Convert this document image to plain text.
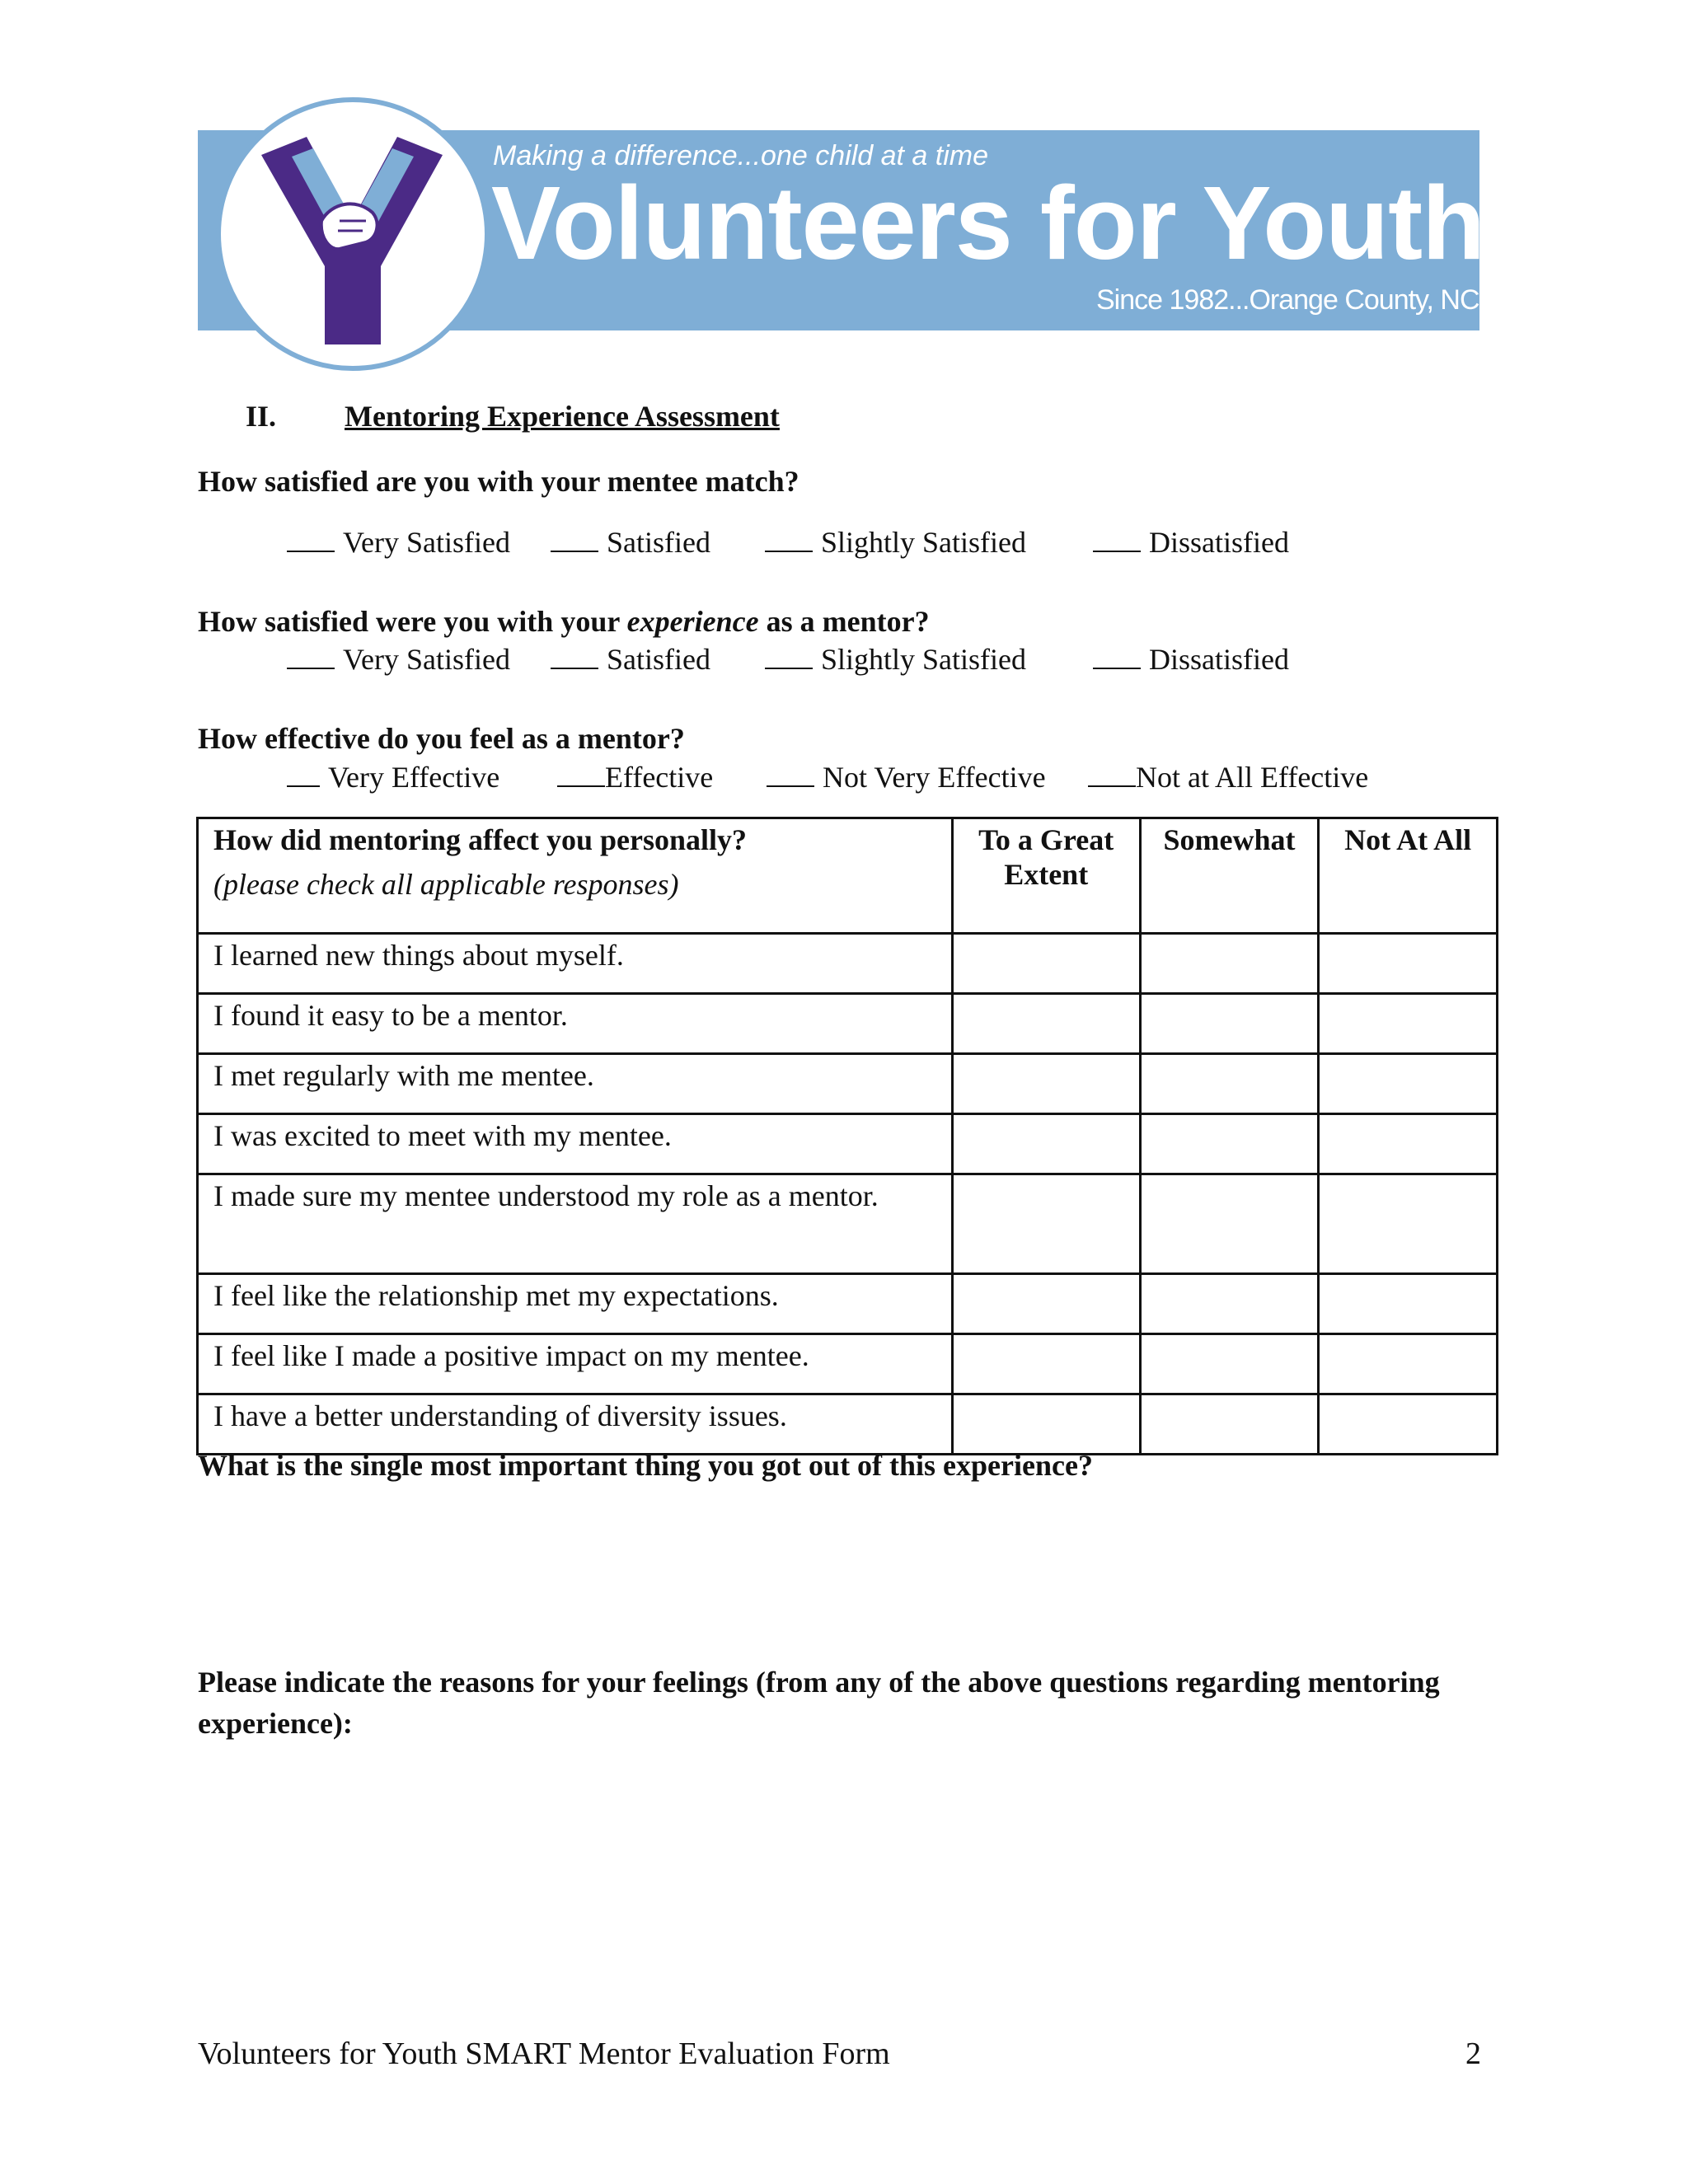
Making a difference...one child at a time
Volunteers for Youth
Since 1982...Orange County, NC
II. Mentoring Experience Assessment
How satisfied are you with your mentee match?
Very Satisfied	Satisfied	Slightly Satisfied	Dissatisfied
How satisfied were you with your experience as a mentor?
Very Satisfied	Satisfied	Slightly Satisfied	Dissatisfied
How effective do you feel as a mentor?
Very Effective	Effective	Not Very Effective	Not at All Effective
How did mentoring affect you personally?
(please check all applicable responses)	To a Great Extent	Somewhat	Not At All
I learned new things about myself.			
I found it easy to be a mentor.			
I met regularly with me mentee.			
I was excited to meet with my mentee.			
I made sure my mentee understood my role as a mentor.			
I feel like the relationship met my expectations.			
I feel like I made a positive impact on my mentee.			
I have a better understanding of diversity issues.			
What is the single most important thing you got out of this experience?
Please indicate the reasons for your feelings (from any of the above questions regarding mentoring experience):
Volunteers for Youth SMART Mentor Evaluation Form	2
